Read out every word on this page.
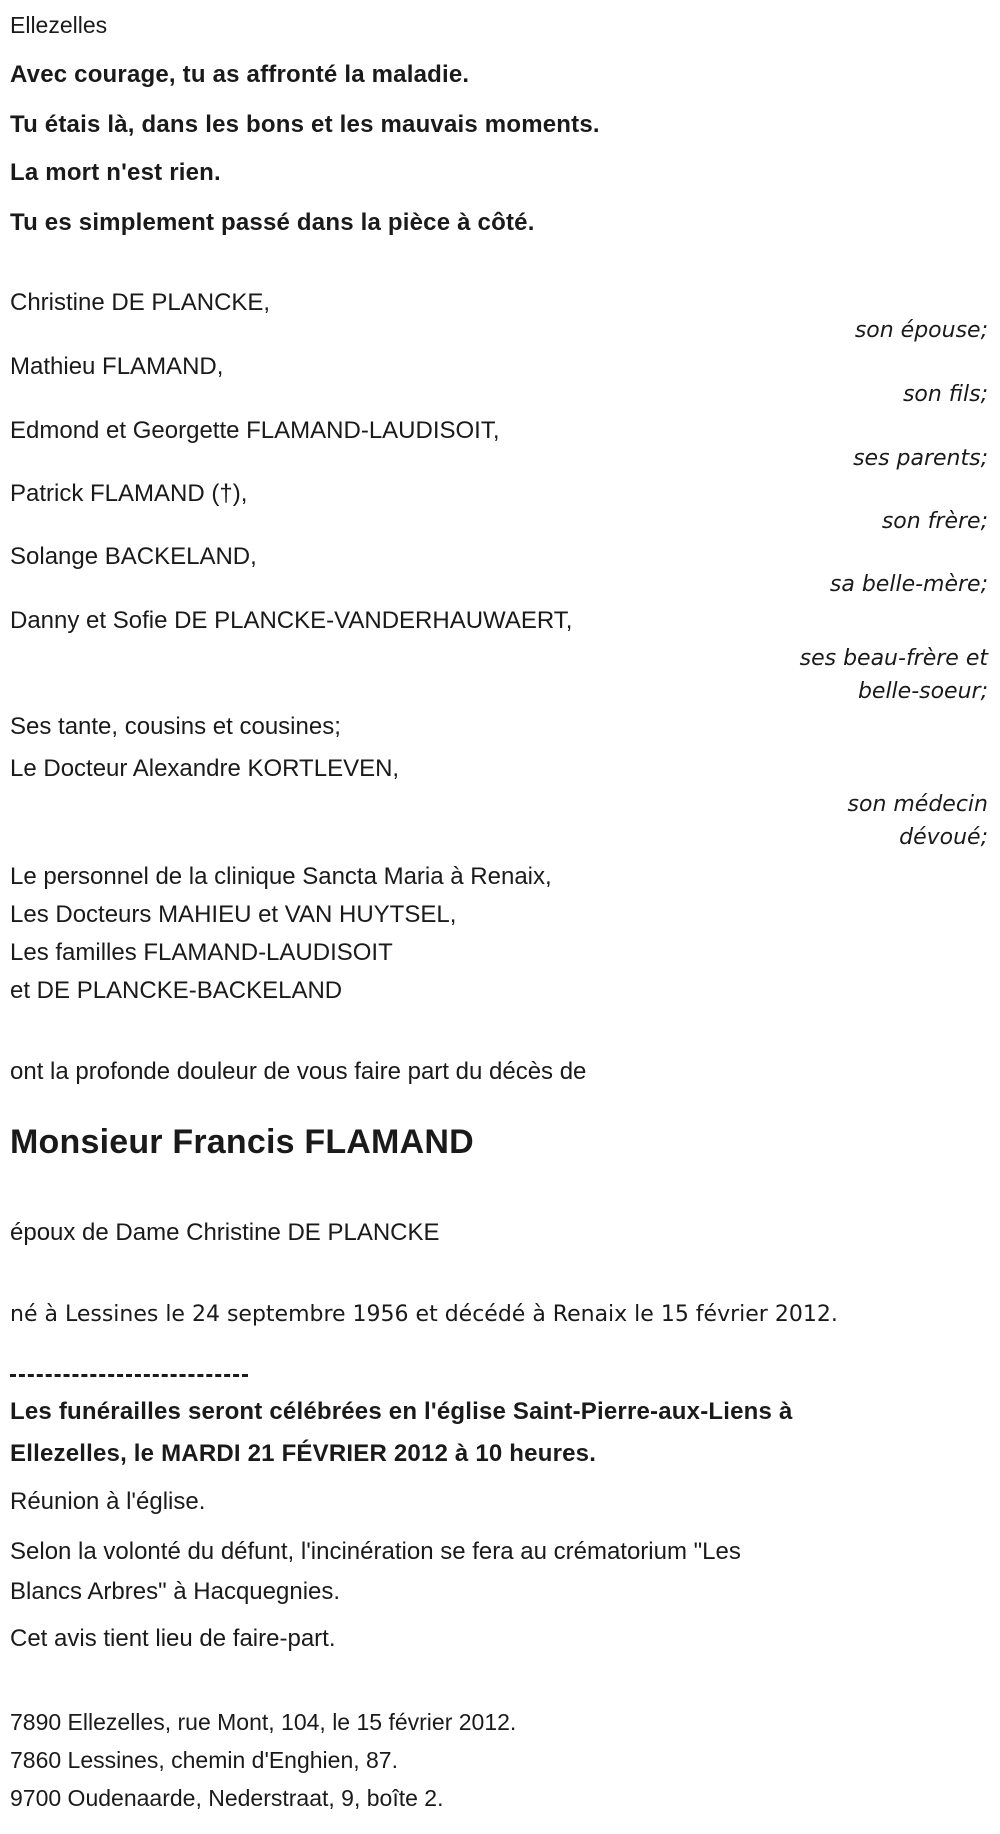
Ellezelles
Avec courage, tu as affronté la maladie.
Tu étais là, dans les bons et les mauvais moments.
La mort n'est rien.
Tu es simplement passé dans la pièce à côté.
Christine DE PLANCKE,
son épouse;
Mathieu FLAMAND,
son fils;
Edmond et Georgette FLAMAND-LAUDISOIT,
ses parents;
Patrick FLAMAND (†),
son frère;
Solange BACKELAND,
sa belle-mère;
Danny et Sofie DE PLANCKE-VANDERHAUWAERT,
ses beau-frère et
belle-soeur;
Ses tante, cousins et cousines;
Le Docteur Alexandre KORTLEVEN,
son médecin
dévoué;
Le personnel de la clinique Sancta Maria à Renaix,
Les Docteurs MAHIEU et VAN HUYTSEL,
Les familles FLAMAND-LAUDISOIT
et DE PLANCKE-BACKELAND
ont la profonde douleur de vous faire part du décès de
Monsieur Francis FLAMAND
époux de Dame Christine DE PLANCKE
né à Lessines le 24 septembre 1956 et décédé à Renaix le 15 février 2012.
Les funérailles seront célébrées en l'église Saint-Pierre-aux-Liens à
Ellezelles, le MARDI 21 FÉVRIER 2012 à 10 heures.
Réunion à l'église.
Selon la volonté du défunt, l'incinération se fera au crématorium "Les
Blancs Arbres" à Hacquegnies.
Cet avis tient lieu de faire-part.
7890 Ellezelles, rue Mont, 104, le 15 février 2012.
7860 Lessines, chemin d'Enghien, 87.
9700 Oudenaarde, Nederstraat, 9, boîte 2.
